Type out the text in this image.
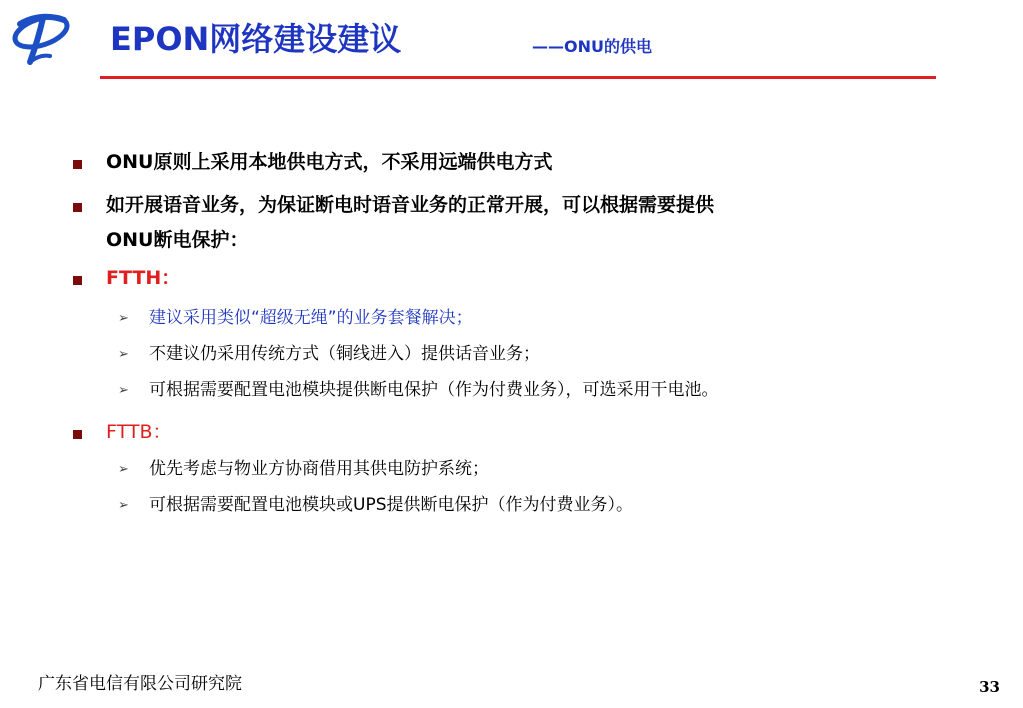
EPON网络建设建议	——ONU的供电
ONU原则上采用本地供电方式，不采用远端供电方式
如开展语音业务，为保证断电时语音业务的正常开展，可以根据需要提供
ONU断电保护：
FTTH：
➢ 建议采用类似“超级无绳”的业务套餐解决；
➢ 不建议仍采用传统方式（铜线进入）提供话音业务；
➢ 可根据需要配置电池模块提供断电保护（作为付费业务），可选采用干电池。
FTTB：
➢ 优先考虑与物业方协商借用其供电防护系统；
➢ 可根据需要配置电池模块或UPS提供断电保护（作为付费业务）。
广东省电信有限公司研究院	33
